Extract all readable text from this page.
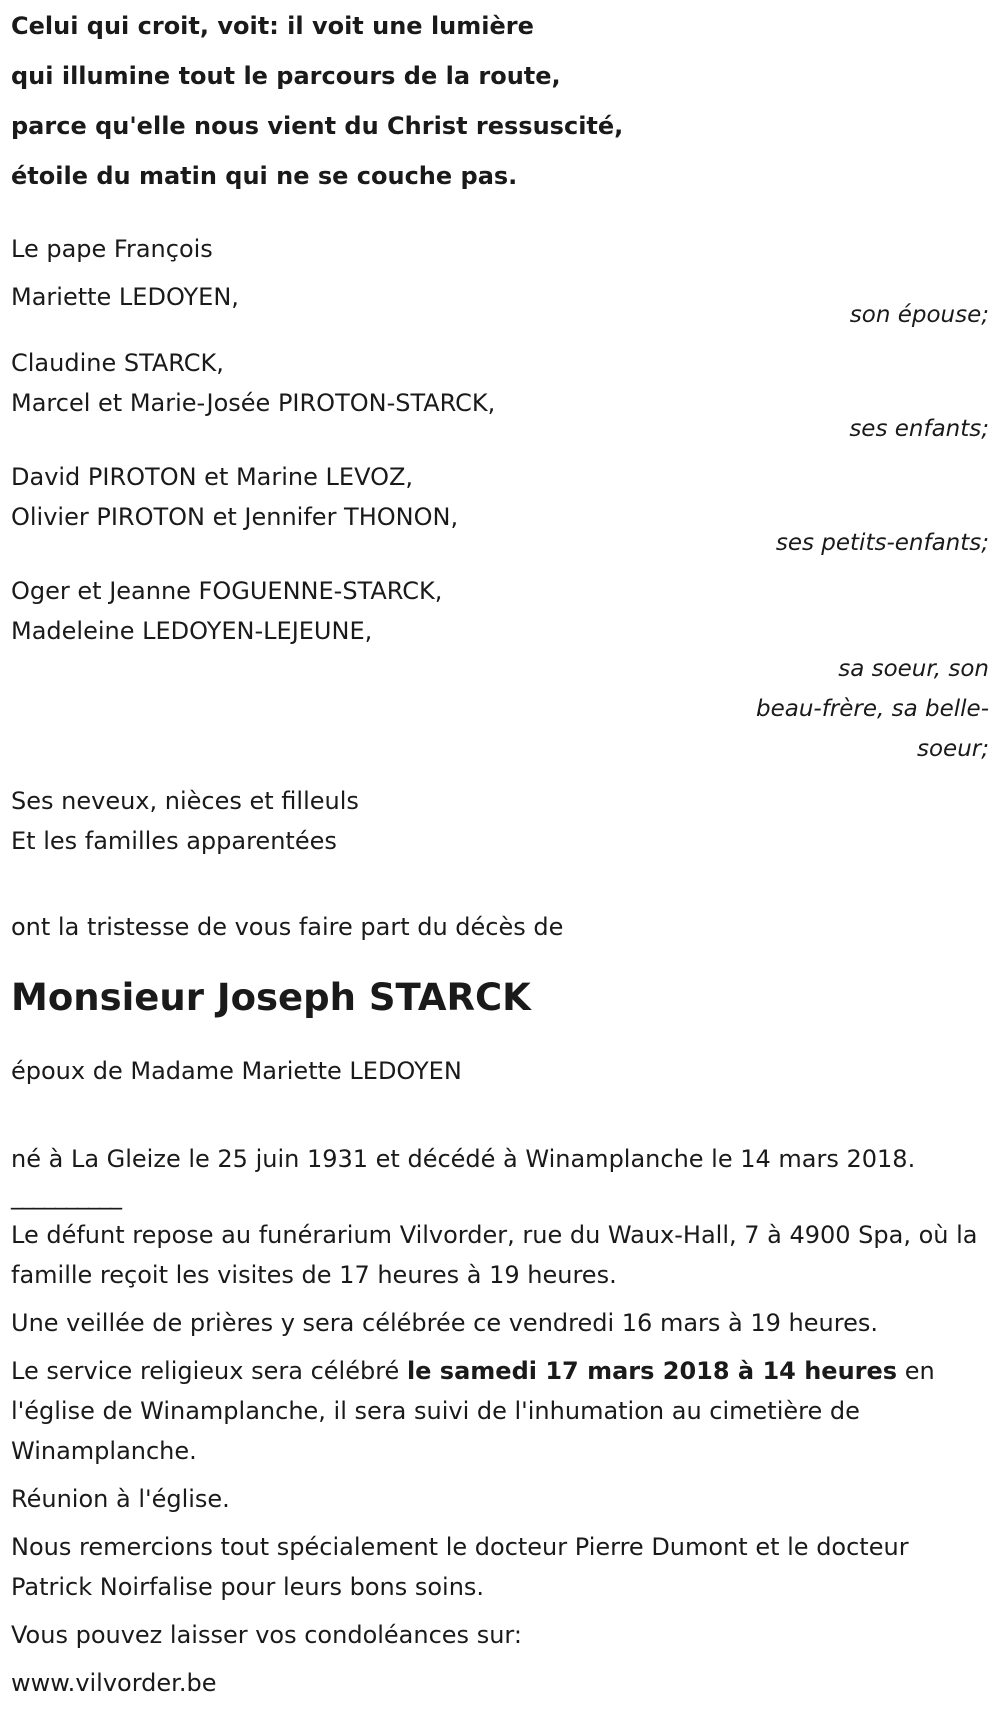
Celui qui croit, voit: il voit une lumière
qui illumine tout le parcours de la route,
parce qu'elle nous vient du Christ ressuscité,
étoile du matin qui ne se couche pas.
Le pape François
Mariette LEDOYEN,
son épouse;
Claudine STARCK,
Marcel et Marie-Josée PIROTON-STARCK,
ses enfants;
David PIROTON et Marine LEVOZ,
Olivier PIROTON et Jennifer THONON,
ses petits-enfants;
Oger et Jeanne FOGUENNE-STARCK,
Madeleine LEDOYEN-LEJEUNE,
sa soeur, son
beau-frère, sa belle-
soeur;
Ses neveux, nièces et filleuls
Et les familles apparentées
ont la tristesse de vous faire part du décès de
Monsieur Joseph STARCK
époux de Madame Mariette LEDOYEN
né à La Gleize le 25 juin 1931 et décédé à Winamplanche le 14 mars 2018.
__________
Le défunt repose au funérarium Vilvorder, rue du Waux-Hall, 7 à 4900 Spa, où la famille reçoit les visites de 17 heures à 19 heures.
Une veillée de prières y sera célébrée ce vendredi 16 mars à 19 heures.
Le service religieux sera célébré le samedi 17 mars 2018 à 14 heures en l'église de Winamplanche, il sera suivi de l'inhumation au cimetière de Winamplanche.
Réunion à l'église.
Nous remercions tout spécialement le docteur Pierre Dumont et le docteur Patrick Noirfalise pour leurs bons soins.
Vous pouvez laisser vos condoléances sur:
www.vilvorder.be
